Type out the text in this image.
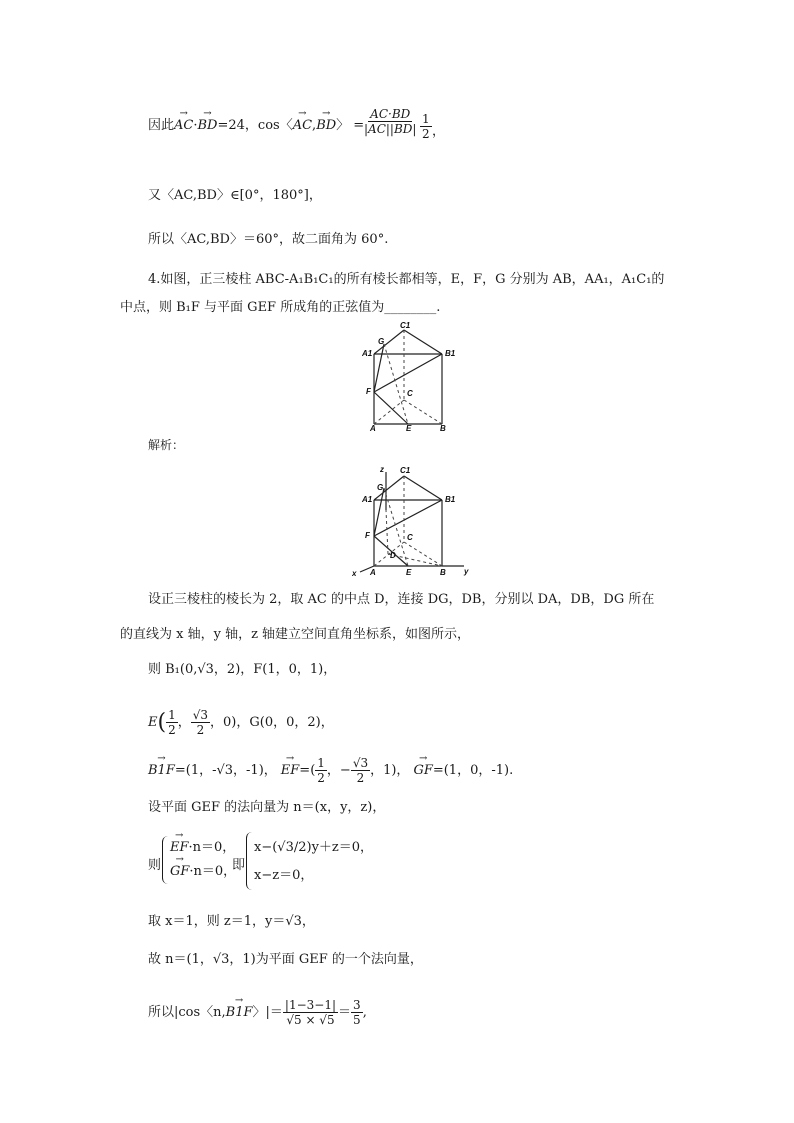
因此→ AC·→ BD=24，cos〈→ AC,→ BD〉 =
$\frac{AC\cdot BD}{|AC||BD|} \frac{1}{2}$ ，
又〈AC,BD〉∈[0°，180°]，
所以〈AC,BD〉＝60°，故二面角为 60°.
4.如图，正三棱柱 ABC-A₁B₁C₁的所有棱长都相等，E，F，G 分别为 AB，AA₁，A₁C₁的
中点，则 B₁F 与平面 GEF 所成角的正弦值为________.
C1
G
A1	B1
F	C
A	E	B
解析：
z C1
G
A1	B1
F	C
D
x A	E	B y
设正三棱柱的棱长为 2，取 AC 的中点 D，连接 DG，DB，分别以 DA，DB，DG 所在
的直线为 x 轴，y 轴，z 轴建立空间直角坐标系，如图所示，
则 B₁(0,√3，2)，F(1，0，1)，
E ( $\frac{1}{2}$ ， $\frac{√3}{2}$ ，0)，G(0，0，2)，
→ B1F =(1，-√3，-1)， → EF =( $\frac{1}{2}$ ，− $\frac{√3}{2}$ ，1)， → GF =(1，0，-1).
设平面 GEF 的法向量为 n＝(x，y，z)，
则
→ EF·n＝0，
→ GF·n＝0，
即
x−(√3/2)y＋z＝0，
x−z＝0，
取 x＝1，则 z＝1，y＝√3，
故 n＝(1，√3，1)为平面 GEF 的一个法向量，
所以|cos〈n, → B1F 〉|＝ $\frac{|1-3-1|}{√5 \times √5} = \frac{3}{5}$ ,
